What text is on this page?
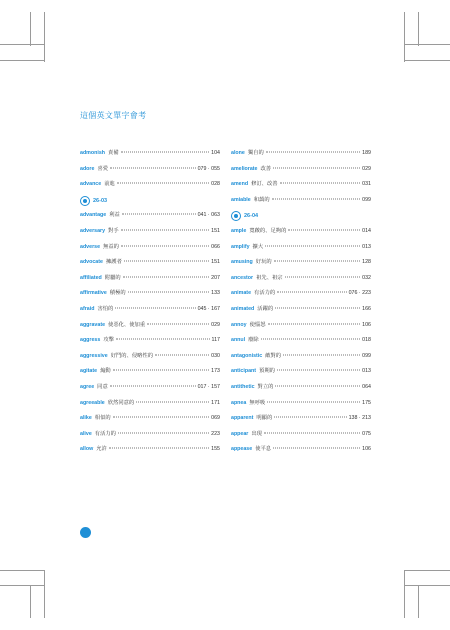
這個英文單字會考
admonish 責備	104
adore 喜愛	079 · 055
advance 前進	028
26-03
advantage 利益	041 · 063
adversary 對手	151
adverse 無益的	066
advocate 擁護者	151
affiliated 附屬的	207
affirmative 積極的	133
afraid 害怕的	045 · 167
aggravate 使惡化、使加重	029
aggress 攻擊	117
aggressive 好鬥的、侵略性的	030
agitate 煽動	173
agree 同意	017 · 157
agreeable 欣然同意的	171
alike 相似的	069
alive 有活力的	223
allow 允許	155
alone 獨自的	189
ameliorate 改善	029
amend 修訂、改善	031
amiable 和藹的	099
26-04
ample 寬敞的、足夠的	014
amplify 擴大	013
amusing 好玩的	128
ancestor 祖先、祖宗	032
animate 有活力的	076 · 223
animated 活躍的	166
annoy 使惱怒	106
annul 廢除	018
antagonistic 敵對的	099
anticipant 預期的	013
antithetic 對立的	064
apnea 無呼吸	175
apparent 明顯的	138 · 213
appear 出現	075
appease 使平息	106
